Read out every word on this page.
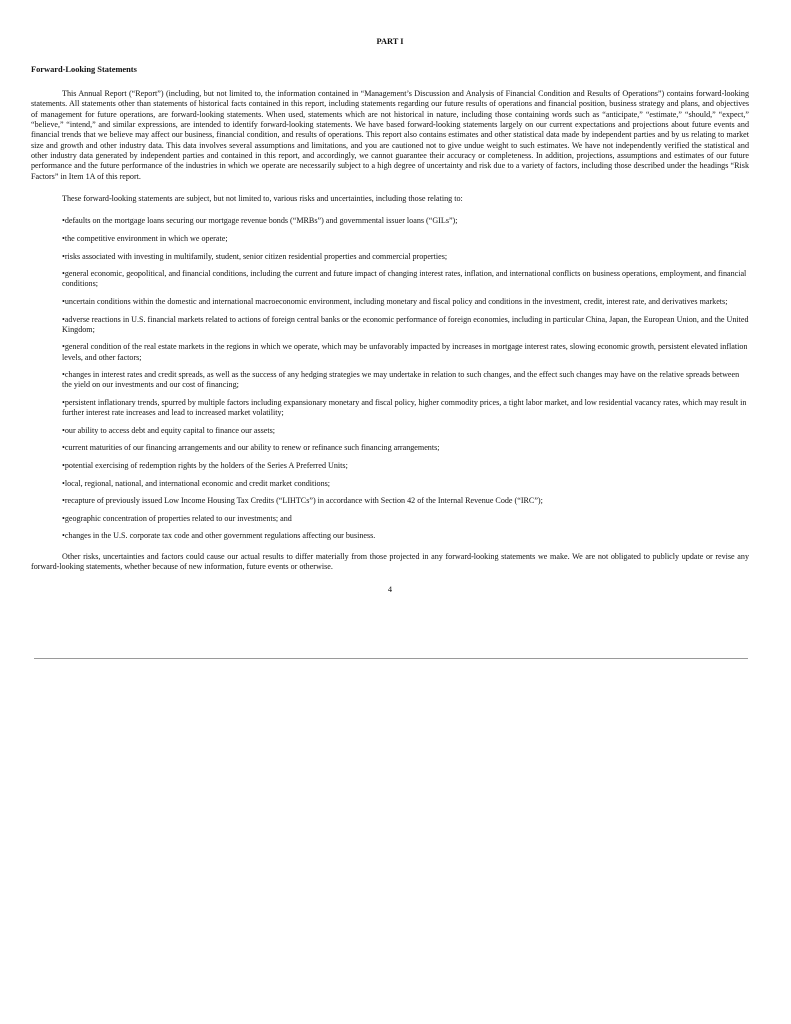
PART I
Forward-Looking Statements

This Annual Report (“Report”) (including, but not limited to, the information contained in “Management’s Discussion and Analysis of Financial Condition and Results of Operations”) contains forward-looking statements. All statements other than statements of historical facts contained in this report, including statements regarding our future results of operations and financial position, business strategy and plans, and objectives of management for future operations, are forward-looking statements. When used, statements which are not historical in nature, including those containing words such as “anticipate,” “estimate,” “should,” “expect,” “believe,” “intend,” and similar expressions, are intended to identify forward-looking statements. We have based forward-looking statements largely on our current expectations and projections about future events and financial trends that we believe may affect our business, financial condition, and results of operations. This report also contains estimates and other statistical data made by independent parties and by us relating to market size and growth and other industry data. This data involves several assumptions and limitations, and you are cautioned not to give undue weight to such estimates. We have not independently verified the statistical and other industry data generated by independent parties and contained in this report, and accordingly, we cannot guarantee their accuracy or completeness. In addition, projections, assumptions and estimates of our future performance and the future performance of the industries in which we operate are necessarily subject to a high degree of uncertainty and risk due to a variety of factors, including those described under the headings “Risk Factors” in Item 1A of this report.

These forward-looking statements are subject, but not limited to, various risks and uncertainties, including those relating to:

• defaults on the mortgage loans securing our mortgage revenue bonds (“MRBs”) and governmental issuer loans (“GILs”);
• the competitive environment in which we operate;
• risks associated with investing in multifamily, student, senior citizen residential properties and commercial properties;
• general economic, geopolitical, and financial conditions, including the current and future impact of changing interest rates, inflation, and international conflicts on business operations, employment, and financial conditions;
• uncertain conditions within the domestic and international macroeconomic environment, including monetary and fiscal policy and conditions in the investment, credit, interest rate, and derivatives markets;
• adverse reactions in U.S. financial markets related to actions of foreign central banks or the economic performance of foreign economies, including in particular China, Japan, the European Union, and the United Kingdom;
• general condition of the real estate markets in the regions in which we operate, which may be unfavorably impacted by increases in mortgage interest rates, slowing economic growth, persistent elevated inflation levels, and other factors;
• changes in interest rates and credit spreads, as well as the success of any hedging strategies we may undertake in relation to such changes, and the effect such changes may have on the relative spreads between the yield on our investments and our cost of financing;
• persistent inflationary trends, spurred by multiple factors including expansionary monetary and fiscal policy, higher commodity prices, a tight labor market, and low residential vacancy rates, which may result in further interest rate increases and lead to increased market volatility;
• our ability to access debt and equity capital to finance our assets;
• current maturities of our financing arrangements and our ability to renew or refinance such financing arrangements;
• potential exercising of redemption rights by the holders of the Series A Preferred Units;
• local, regional, national, and international economic and credit market conditions;
• recapture of previously issued Low Income Housing Tax Credits (“LIHTCs”) in accordance with Section 42 of the Internal Revenue Code (“IRC”);
• geographic concentration of properties related to our investments; and
• changes in the U.S. corporate tax code and other government regulations affecting our business.

Other risks, uncertainties and factors could cause our actual results to differ materially from those projected in any forward-looking statements we make. We are not obligated to publicly update or revise any forward-looking statements, whether because of new information, future events or otherwise.

4
